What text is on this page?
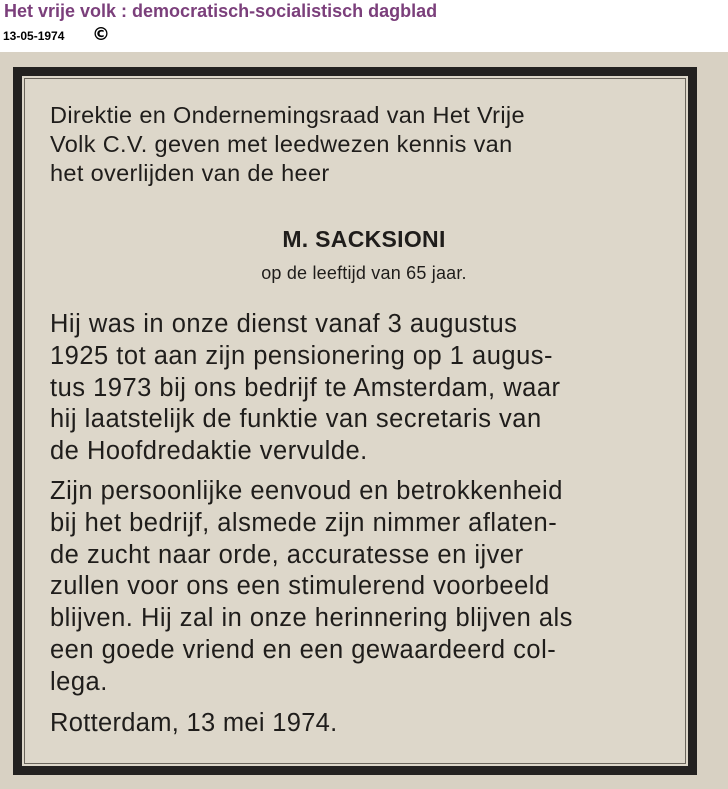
Het vrije volk : democratisch-socialistisch dagblad
13-05-1974 ©
Direktie en Ondernemingsraad van Het Vrije
Volk C.V. geven met leedwezen kennis van
het overlijden van de heer
M. SACKSIONI
op de leeftijd van 65 jaar.
Hij was in onze dienst vanaf 3 augustus
1925 tot aan zijn pensionering op 1 augus-
tus 1973 bij ons bedrijf te Amsterdam, waar
hij laatstelijk de funktie van secretaris van
de Hoofdredaktie vervulde.
Zijn persoonlijke eenvoud en betrokkenheid
bij het bedrijf, alsmede zijn nimmer aflaten-
de zucht naar orde, accuratesse en ijver
zullen voor ons een stimulerend voorbeeld
blijven. Hij zal in onze herinnering blijven als
een goede vriend en een gewaardeerd col-
lega.
Rotterdam, 13 mei 1974.
